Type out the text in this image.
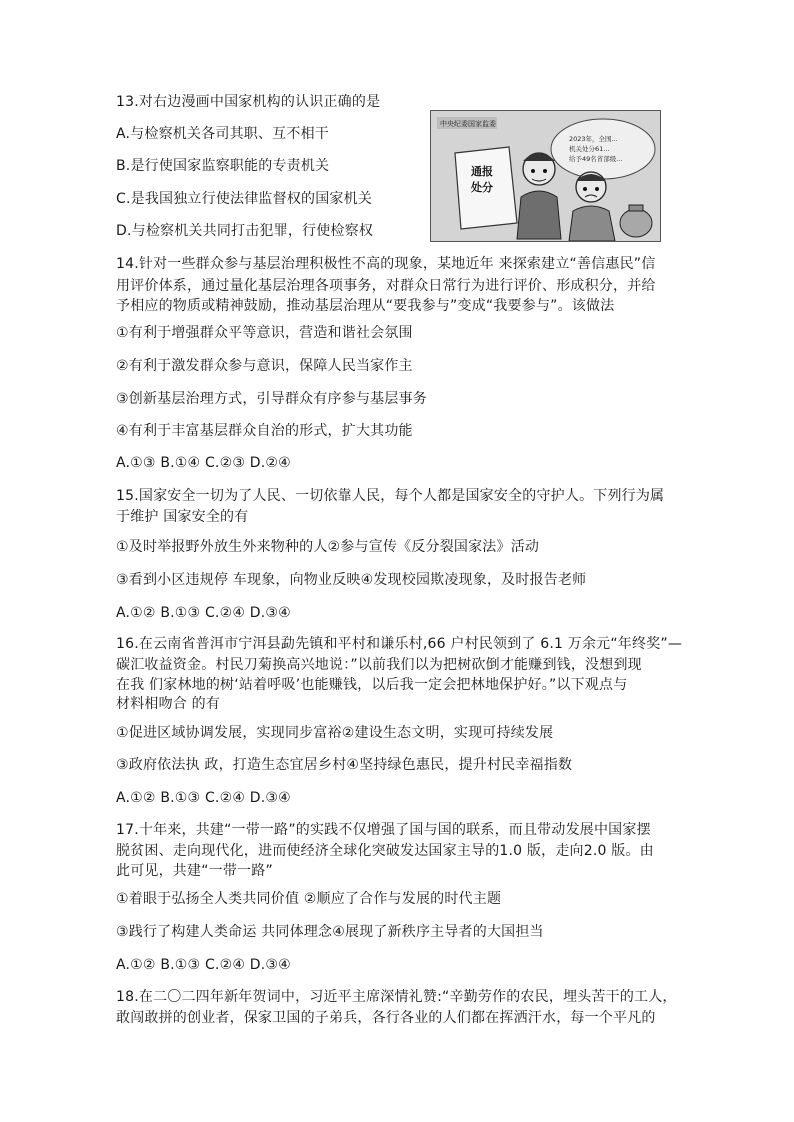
13.对右边漫画中国家机构的认识正确的是
A.与检察机关各司其职、互不相干
B.是行使国家监察职能的专责机关
C.是我国独立行使法律监督权的国家机关
D.与检察机关共同打击犯罪，行使检察权
中央纪委国家监委
2023年，全国...
机关处分61...
给予49名省部级...
通报
处分
14.针对一些群众参与基层治理积极性不高的现象，某地近年 来探索建立“善信惠民”信
用评价体系，通过量化基层治理各项事务，对群众日常行为进行评价、形成积分，并给
予相应的物质或精神鼓励，推动基层治理从“要我参与”变成“我要参与”。该做法
①有利于增强群众平等意识，营造和谐社会氛围
②有利于激发群众参与意识，保障人民当家作主
③创新基层治理方式，引导群众有序参与基层事务
④有利于丰富基层群众自治的形式，扩大其功能
A.①③ B.①④ C.②③ D.②④
15.国家安全一切为了人民、一切依靠人民，每个人都是国家安全的守护人。下列行为属
于维护 国家安全的有
①及时举报野外放生外来物种的人②参与宣传《反分裂国家法》活动
③看到小区违规停 车现象，向物业反映④发现校园欺凌现象，及时报告老师
A.①② B.①③ C.②④ D.③④
16.在云南省普洱市宁洱县勐先镇和平村和谦乐村,66 户村民领到了 6.1 万余元“年终奖”—
碳汇收益资金。村民刀菊换高兴地说：”以前我们以为把树砍倒才能赚到钱，没想到现
在我 们家林地的树‘站着呼吸’也能赚钱，以后我一定会把林地保护好。”以下观点与
材料相吻合 的有
①促进区域协调发展，实现同步富裕②建设生态文明，实现可持续发展
③政府依法执 政，打造生态宜居乡村④坚持绿色惠民，提升村民幸福指数
A.①② B.①③ C.②④ D.③④
17.十年来，共建“一带一路”的实践不仅增强了国与国的联系，而且带动发展中国家摆
脱贫困、走向现代化，进而使经济全球化突破发达国家主导的1.0 版，走向2.0 版。由
此可见，共建“一带一路”
①着眼于弘扬全人类共同价值 ②顺应了合作与发展的时代主题
③践行了构建人类命运 共同体理念④展现了新秩序主导者的大国担当
A.①② B.①③ C.②④ D.③④
18.在二〇二四年新年贺词中，习近平主席深情礼赞:“辛勤劳作的农民，埋头苦干的工人，
敢闯敢拼的创业者，保家卫国的子弟兵，各行各业的人们都在挥洒汗水，每一个平凡的
